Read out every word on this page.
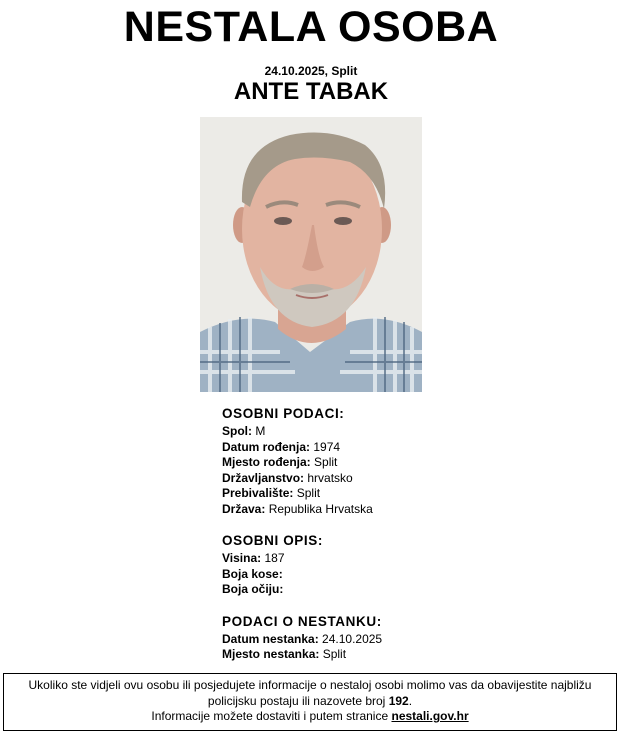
NESTALA OSOBA
24.10.2025, Split
ANTE TABAK
OSOBNI PODACI:
Spol: M
Datum rođenja: 1974
Mjesto rođenja: Split
Državljanstvo: hrvatsko
Prebivalište: Split
Država: Republika Hrvatska
OSOBNI OPIS:
Visina: 187
Boja kose:
Boja očiju:
PODACI O NESTANKU:
Datum nestanka: 24.10.2025
Mjesto nestanka: Split
Ukoliko ste vidjeli ovu osobu ili posjedujete informacije o nestaloj osobi molimo vas da obavijestite najbližu
policijsku postaju ili nazovete broj 192.
Informacije možete dostaviti i putem stranice nestali.gov.hr
